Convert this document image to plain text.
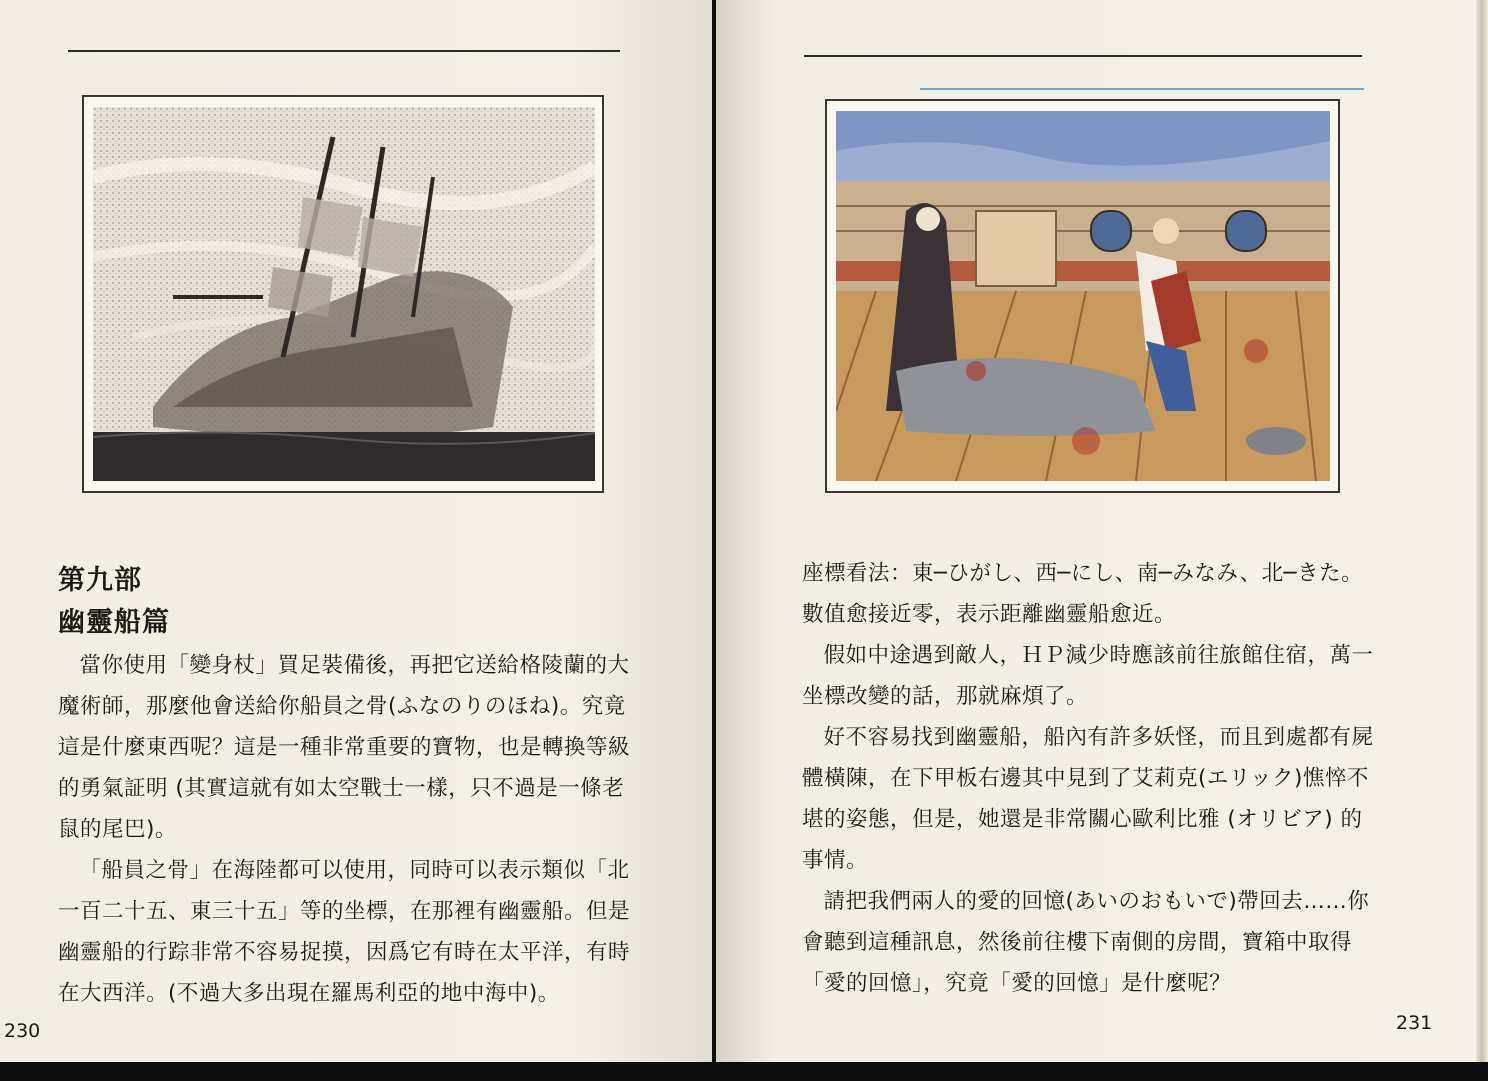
第九部
幽靈船篇

當你使用「變身杖」買足裝備後，再把它送給格陵蘭的大魔術師，那麼他會送給你船員之骨(ふなのりのほね)。究竟這是什麼東西呢？這是一種非常重要的寶物，也是轉換等級的勇氣証明 (其實這就有如太空戰士一樣，只不過是一條老鼠的尾巴)。

「船員之骨」在海陸都可以使用，同時可以表示類似「北一百二十五、東三十五」等的坐標，在那裡有幽靈船。但是幽靈船的行踪非常不容易捉摸，因爲它有時在太平洋，有時在大西洋。(不過大多出現在羅馬利亞的地中海中)。

230

座標看法：東─ひがし、西─にし、南─みなみ、北─きた。數值愈接近零，表示距離幽靈船愈近。

假如中途遇到敵人，ＨＰ減少時應該前往旅館住宿，萬一坐標改變的話，那就麻煩了。

好不容易找到幽靈船，船內有許多妖怪，而且到處都有屍體橫陳，在下甲板右邊其中見到了艾莉克(エリック)憔悴不堪的姿態，但是，她還是非常關心歐利比雅 (オリビア) 的事情。

請把我們兩人的愛的回憶(あいのおもいで)帶回去……你會聽到這種訊息，然後前往樓下南側的房間，寶箱中取得「愛的回憶」，究竟「愛的回憶」是什麼呢？

231
